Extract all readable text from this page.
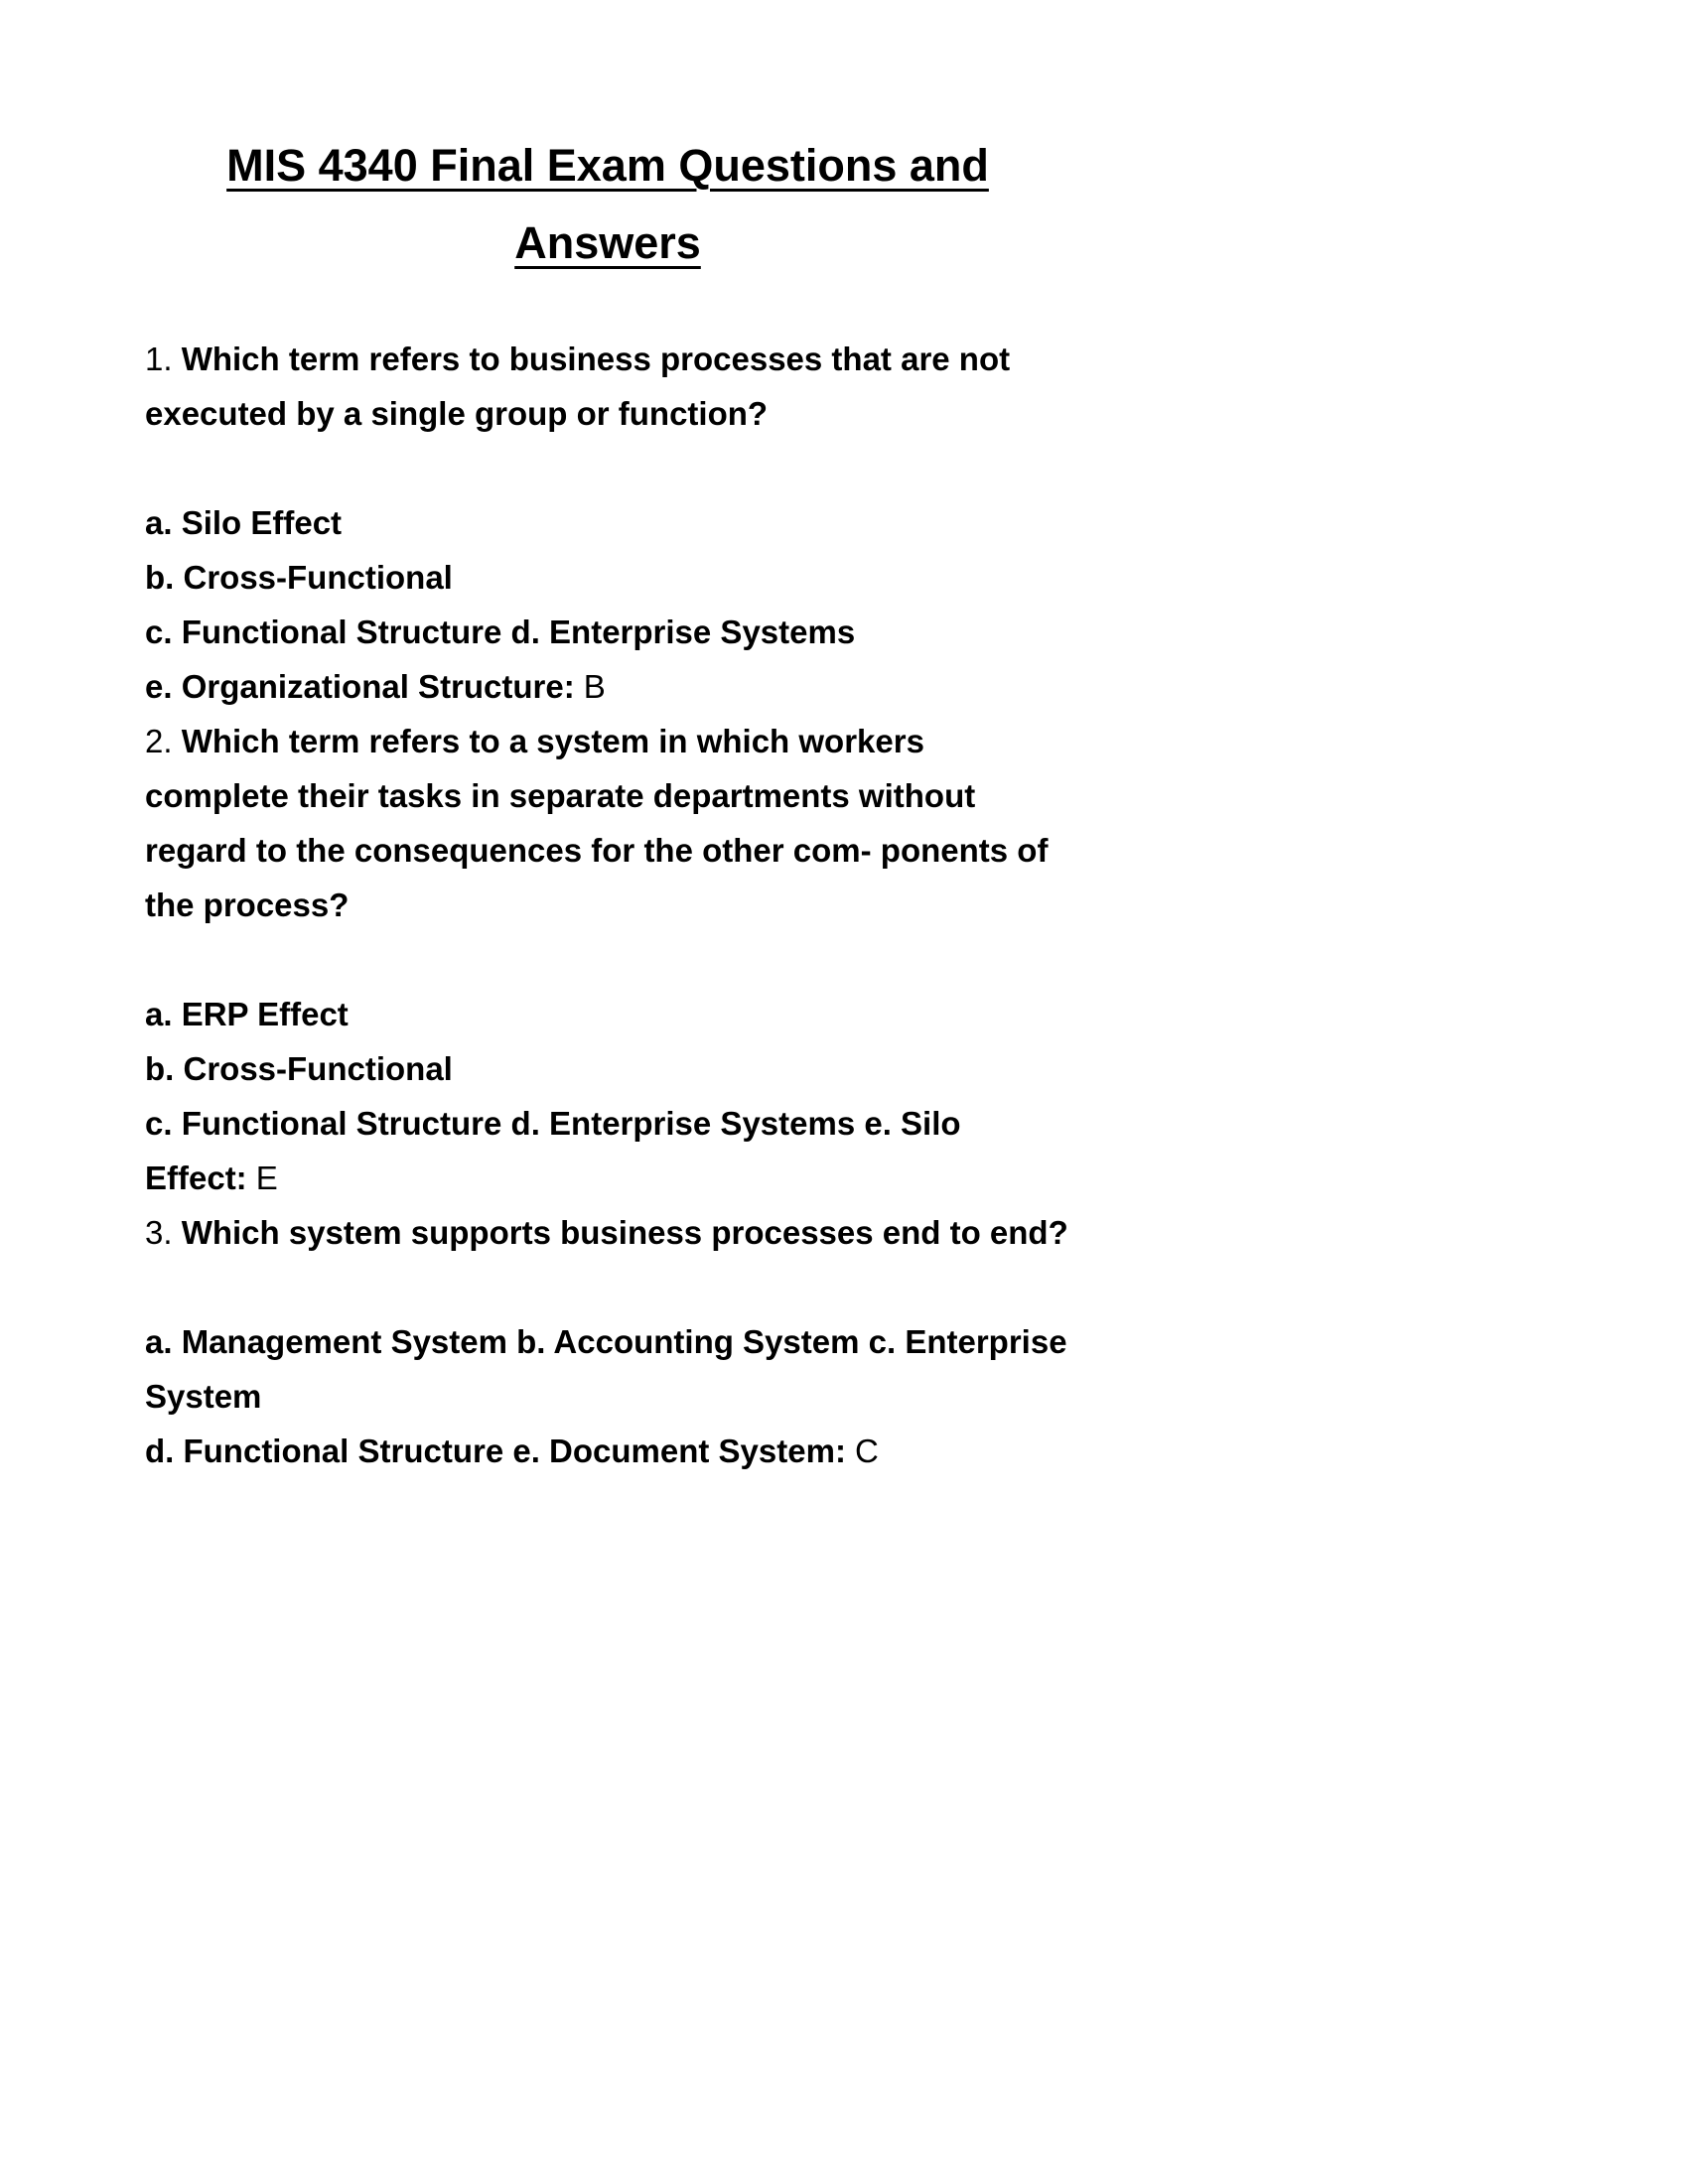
MIS 4340 Final Exam Questions and
Answers

1. Which term refers to business processes that are not executed by a single group or function?

a. Silo Effect

b. Cross-Functional

c. Functional Structure d. Enterprise Systems

e. Organizational Structure: B

2. Which term refers to a system in which workers complete their tasks in separate departments without regard to the consequences for the other com- ponents of the process?

a. ERP Effect

b. Cross-Functional

c. Functional Structure d. Enterprise Systems e. Silo Effect: E

3. Which system supports business processes end to end?

a. Management System b. Accounting System c. Enterprise System

d. Functional Structure e. Document System: C
